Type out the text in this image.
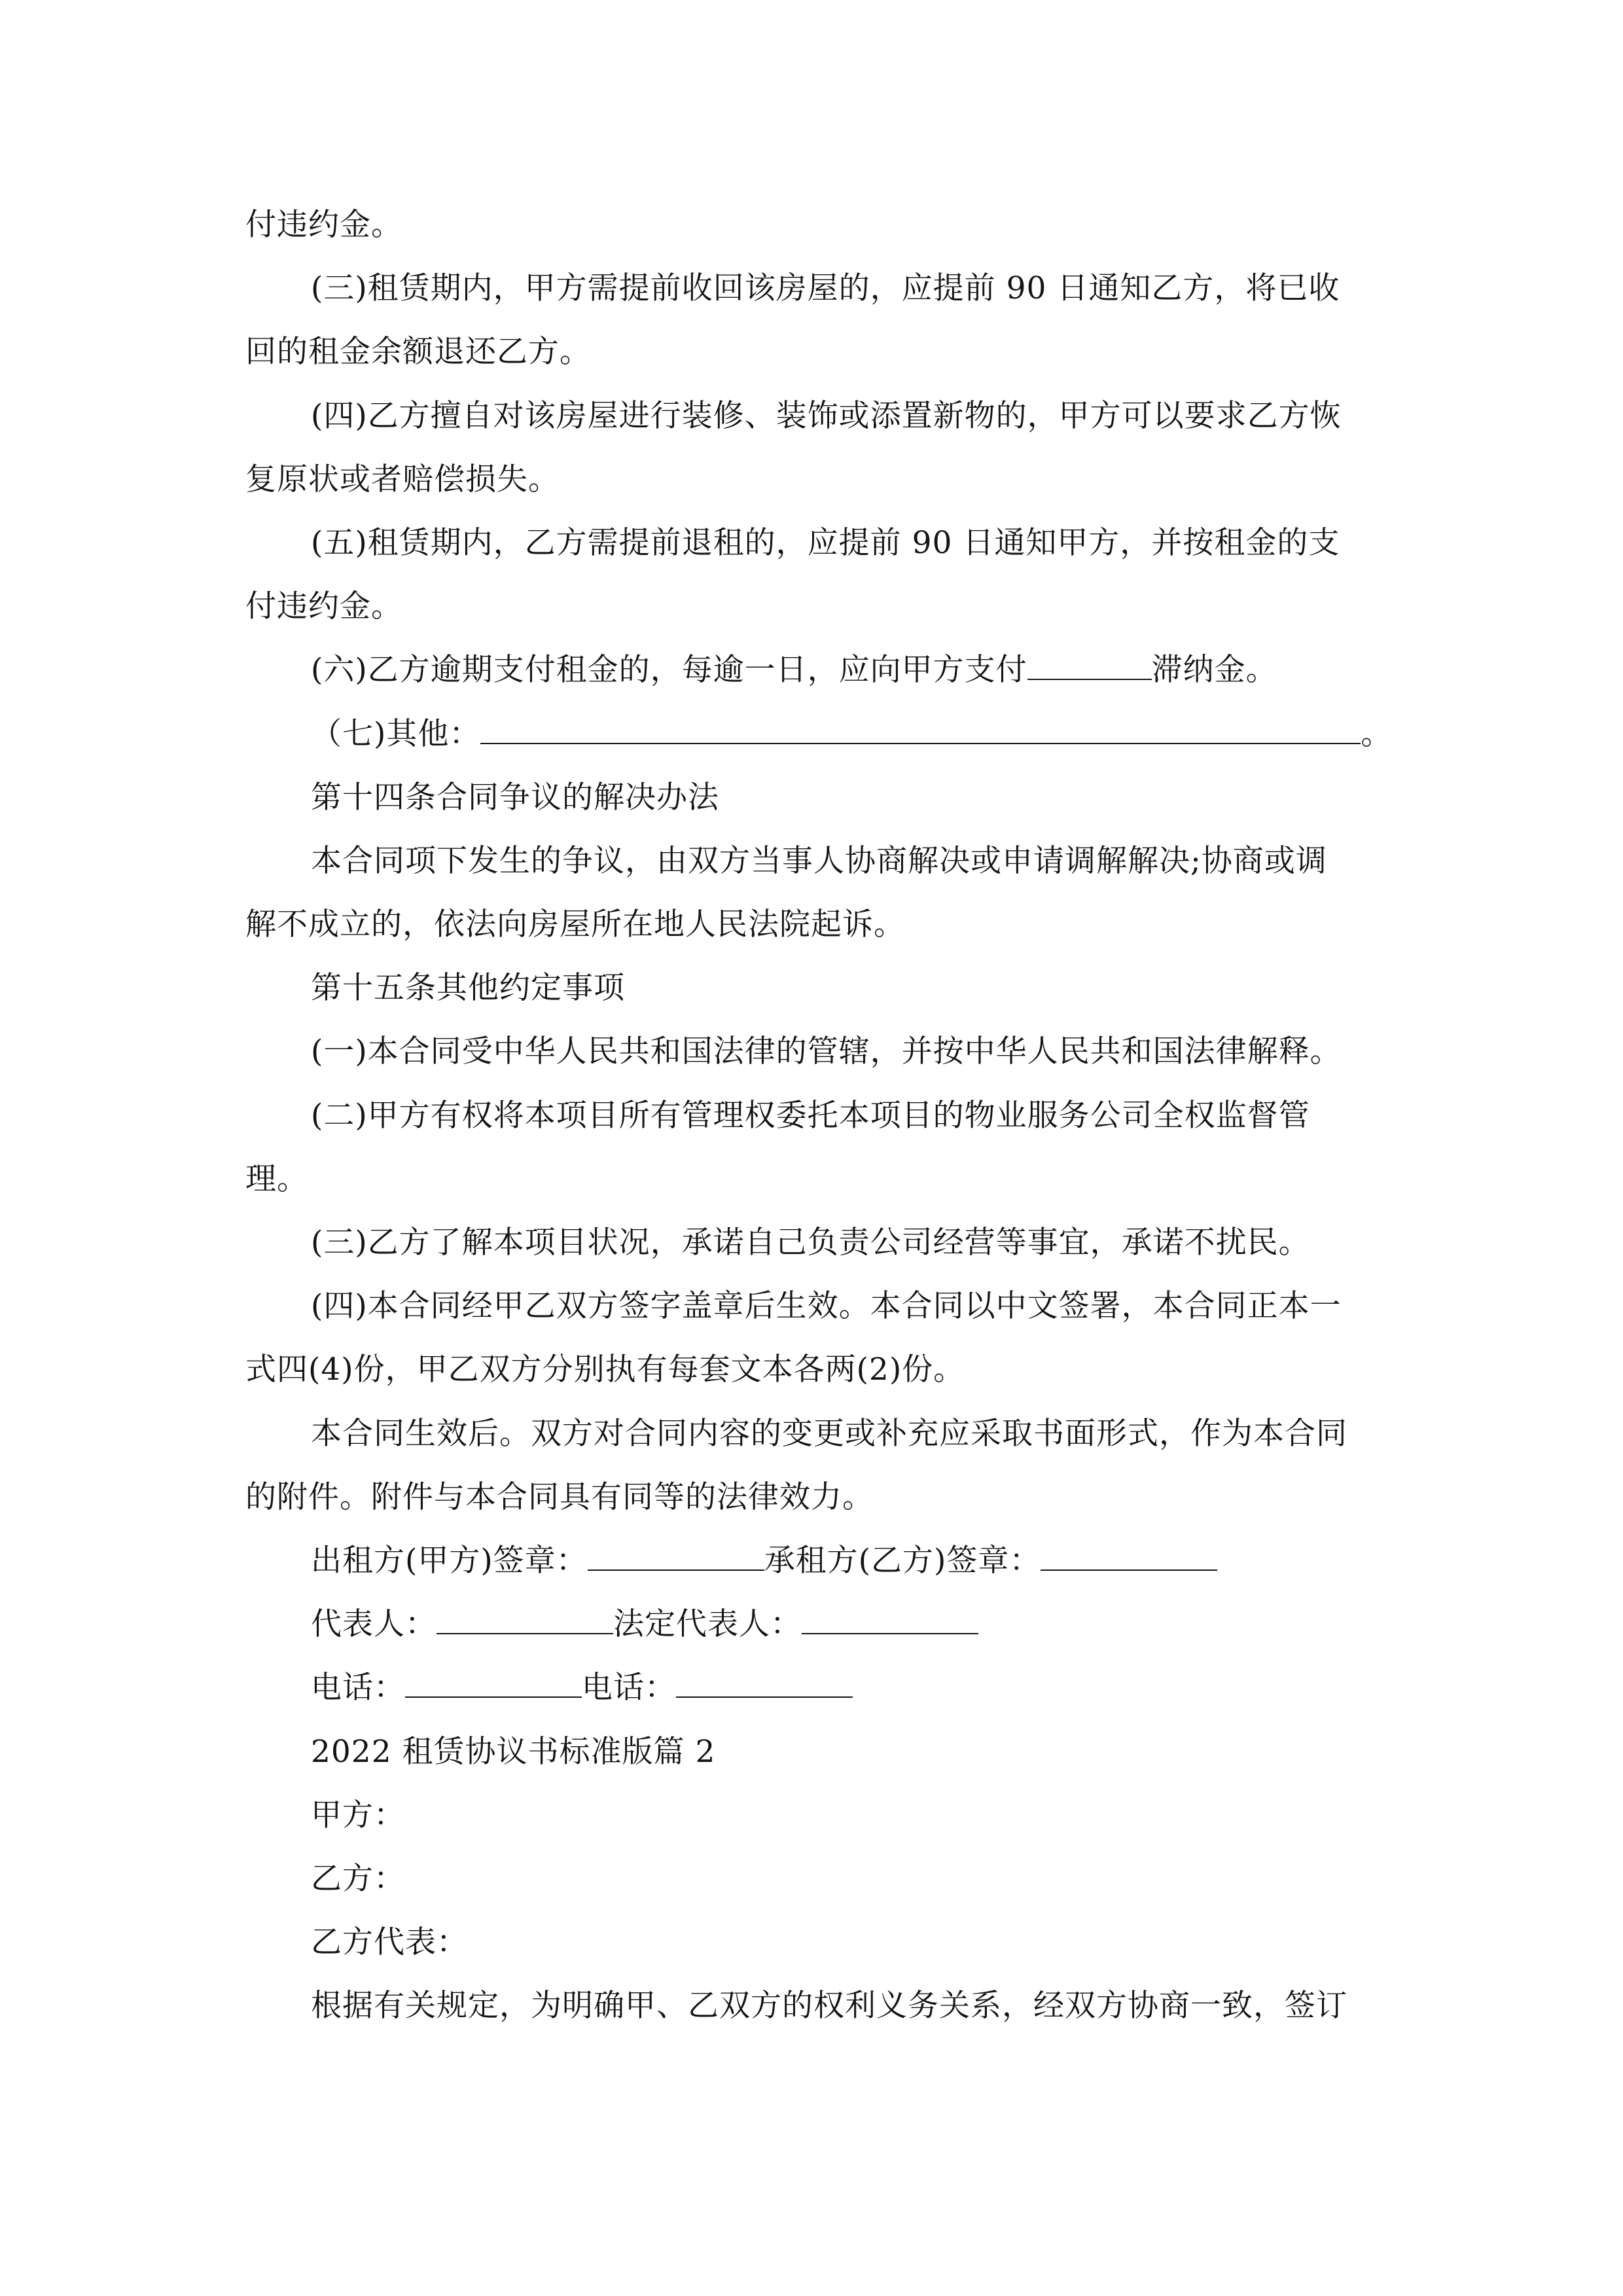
付违约金。
(三)租赁期内，甲方需提前收回该房屋的，应提前 90 日通知乙方，将已收
回的租金余额退还乙方。
(四)乙方擅自对该房屋进行装修、装饰或添置新物的，甲方可以要求乙方恢
复原状或者赔偿损失。
(五)租赁期内，乙方需提前退租的，应提前 90 日通知甲方，并按租金的支
付违约金。
(六)乙方逾期支付租金的，每逾一日，应向甲方支付	滞纳金。
（七)其他：	。
第十四条合同争议的解决办法
本合同项下发生的争议，由双方当事人协商解决或申请调解解决;协商或调
解不成立的，依法向房屋所在地人民法院起诉。
第十五条其他约定事项
(一)本合同受中华人民共和国法律的管辖，并按中华人民共和国法律解释。
(二)甲方有权将本项目所有管理权委托本项目的物业服务公司全权监督管
理。
(三)乙方了解本项目状况，承诺自己负责公司经营等事宜，承诺不扰民。
(四)本合同经甲乙双方签字盖章后生效。本合同以中文签署，本合同正本一
式四(4)份，甲乙双方分别执有每套文本各两(2)份。
本合同生效后。双方对合同内容的变更或补充应采取书面形式，作为本合同
的附件。附件与本合同具有同等的法律效力。
出租方(甲方)签章：	承租方(乙方)签章：
代表人：	法定代表人：
电话：	电话：
2022 租赁协议书标准版篇 2
甲方：
乙方：
乙方代表：
根据有关规定，为明确甲、乙双方的权利义务关系，经双方协商一致，签订
